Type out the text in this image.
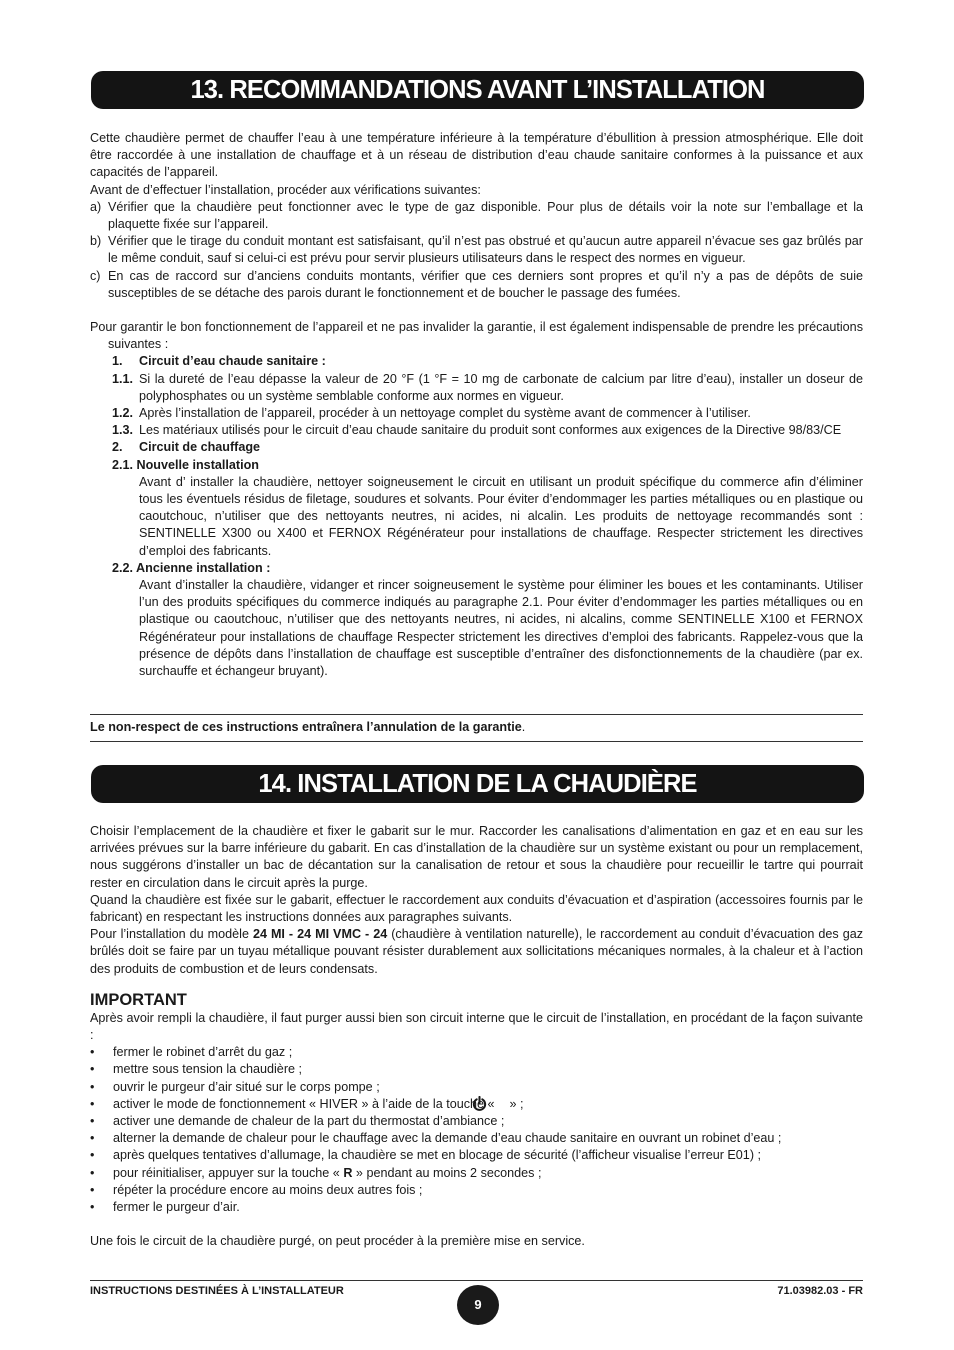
13. RECOMMANDATIONS AVANT L’INSTALLATION

Cette chaudière permet de chauffer l’eau à une température inférieure à la température d’ébullition à pression atmosphérique. Elle doit être raccordée à une installation de chauffage et à un réseau de distribution d’eau chaude sanitaire conformes à la puissance et aux capacités de l’appareil.

Avant de d’effectuer l’installation, procéder aux vérifications suivantes:

a) Vérifier que la chaudière peut fonctionner avec le type de gaz disponible. Pour plus de détails voir la note sur l’emballage et la plaquette fixée sur l’appareil.

b) Vérifier que le tirage du conduit montant est satisfaisant, qu’il n’est pas obstrué et qu’aucun autre appareil n’évacue ses gaz brûlés par le même conduit, sauf si celui-ci est prévu pour servir plusieurs utilisateurs dans le respect des normes en vigueur.

c) En cas de raccord sur d’anciens conduits montants, vérifier que ces derniers sont propres et qu’il n’y a pas de dépôts de suie susceptibles de se détache des parois durant le fonctionnement et de boucher le passage des fumées.

Pour garantir le bon fonctionnement de l’appareil et ne pas invalider la garantie, il est également indispensable de prendre les précautions suivantes :

1. Circuit d’eau chaude sanitaire :

1.1. Si la dureté de l’eau dépasse la valeur de 20 °F (1 °F = 10 mg de carbonate de calcium par litre d’eau), installer un doseur de polyphosphates ou un système semblable conforme aux normes en vigueur.

1.2. Après l’installation de l’appareil, procéder à un nettoyage complet du système avant de commencer à l’utiliser.

1.3. Les matériaux utilisés pour le circuit d’eau chaude sanitaire du produit sont conformes aux exigences de la Directive 98/83/CE

2. Circuit de chauffage

2.1. Nouvelle installation

Avant d’ installer la chaudière, nettoyer soigneusement le circuit en utilisant un produit spécifique du commerce afin d’éliminer tous les éventuels résidus de filetage, soudures et solvants. Pour éviter d’endommager les parties métalliques ou en plastique ou caoutchouc, n’utiliser que des nettoyants neutres, ni acides, ni alcalin. Les produits de nettoyage recommandés sont : SENTINELLE X300 ou X400 et FERNOX Régénérateur pour installations de chauffage. Respecter strictement les directives d’emploi des fabricants.

2.2. Ancienne installation :

Avant d’installer la chaudière, vidanger et rincer soigneusement le système pour éliminer les boues et les contaminants. Utiliser l’un des produits spécifiques du commerce indiqués au paragraphe 2.1. Pour éviter d’endommager les parties métalliques ou en plastique ou caoutchouc, n’utiliser que des nettoyants neutres, ni acides, ni alcalins, comme SENTINELLE X100 et FERNOX Régénérateur pour installations de chauffage Respecter strictement les directives d’emploi des fabricants. Rappelez-vous que la présence de dépôts dans l’installation de chauffage est susceptible d’entraîner des disfonctionnements de la chaudière (par ex. surchauffe et échangeur bruyant).

Le non-respect de ces instructions entraînera l’annulation de la garantie.

14. INSTALLATION DE LA CHAUDIÈRE

Choisir l’emplacement de la chaudière et fixer le gabarit sur le mur. Raccorder les canalisations d’alimentation en gaz et en eau sur les arrivées prévues sur la barre inférieure du gabarit. En cas d’installation de la chaudière sur un système existant ou pour un remplacement, nous suggérons d’installer un bac de décantation sur la canalisation de retour et sous la chaudière pour recueillir le tartre qui pourrait rester en circulation dans le circuit après la purge.

Quand la chaudière est fixée sur le gabarit, effectuer le raccordement aux conduits d’évacuation et d’aspiration (accessoires fournis par le fabricant) en respectant les instructions données aux paragraphes suivants.

Pour l’installation du modèle 24 MI - 24 MI VMC - 24 (chaudière à ventilation naturelle), le raccordement au conduit d’évacuation des gaz brûlés doit se faire par un tuyau métallique pouvant résister durablement aux sollicitations mécaniques normales, à la chaleur et à l’action des produits de combustion et de leurs condensats.

IMPORTANT

Après avoir rempli la chaudière, il faut purger aussi bien son circuit interne que le circuit de l’installation, en procédant de la façon suivante :

• fermer le robinet d’arrêt du gaz ;

• mettre sous tension la chaudière ;

• ouvrir le purgeur d’air situé sur le corps pompe ;

• activer le mode de fonctionnement « HIVER » à l’aide de la touche « » ;

• activer une demande de chaleur de la part du thermostat d’ambiance ;

• alterner la demande de chaleur pour le chauffage avec la demande d’eau chaude sanitaire en ouvrant un robinet d’eau ;

• après quelques tentatives d’allumage, la chaudière se met en blocage de sécurité (l’afficheur visualise l’erreur E01) ;

• pour réinitialiser, appuyer sur la touche « R » pendant au moins 2 secondes ;

• répéter la procédure encore au moins deux autres fois ;

• fermer le purgeur d’air.

Une fois le circuit de la chaudière purgé, on peut procéder à la première mise en service.

INSTRUCTIONS DESTINÉES À L’INSTALLATEUR
9
71.03982.03 - FR
